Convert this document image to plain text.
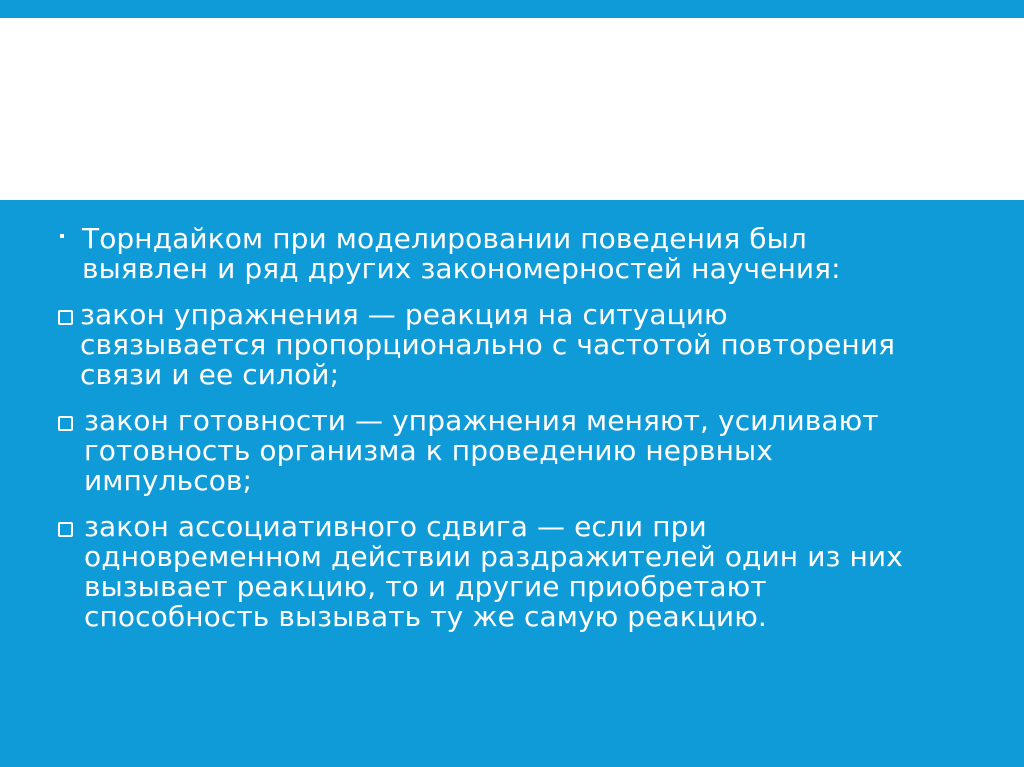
Торндайком при моделировании поведения был
выявлен и ряд других закономерностей научения:
закон упражнения — реакция на ситуацию
связывается пропорционально с частотой повторения
связи и ее силой;
закон готовности — упражнения меняют, усиливают
готовность организма к проведению нервных
импульсов;
закон ассоциативного сдвига — если при
одновременном действии раздражителей один из них
вызывает реакцию, то и другие приобретают
способность вызывать ту же самую реакцию.
